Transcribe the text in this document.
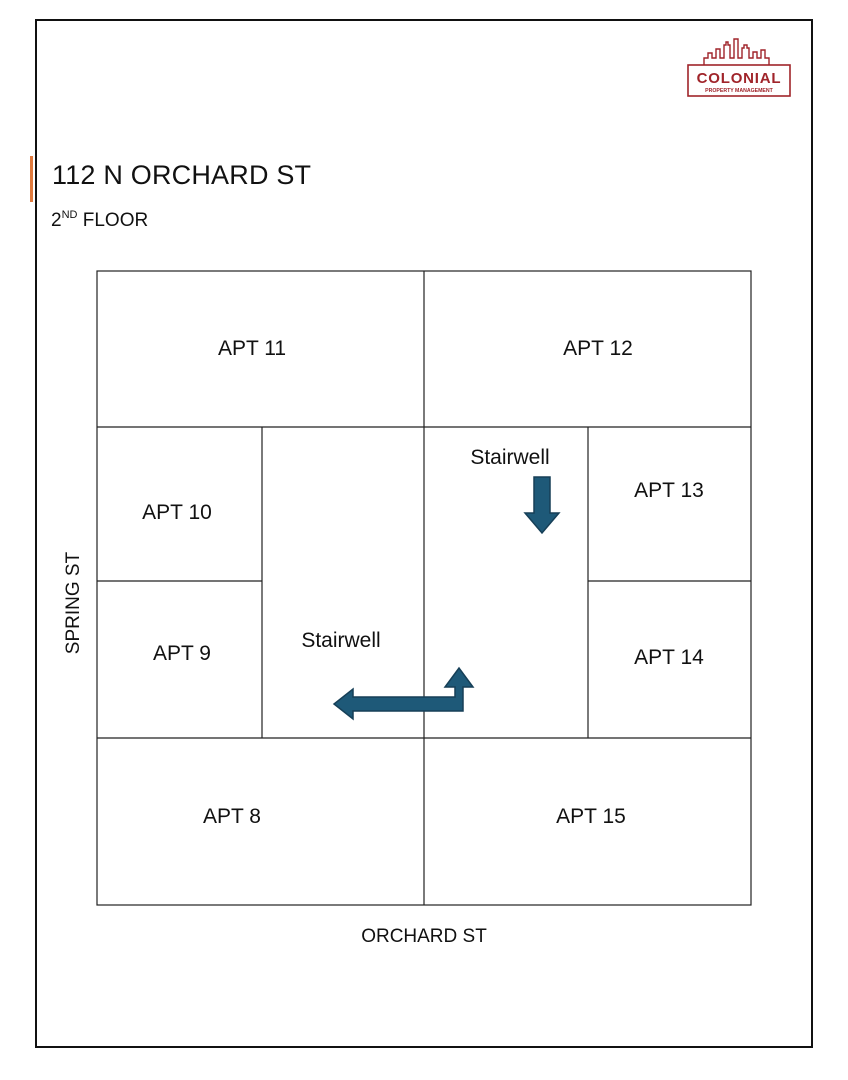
112 N ORCHARD ST
2ND FLOOR
COLONIAL
PROPERTY MANAGEMENT
APT 11	APT 12
APT 10
APT 9
Stairwell
Stairwell
APT 13
APT 14
APT 8	APT 15
SPRING ST
ORCHARD ST
